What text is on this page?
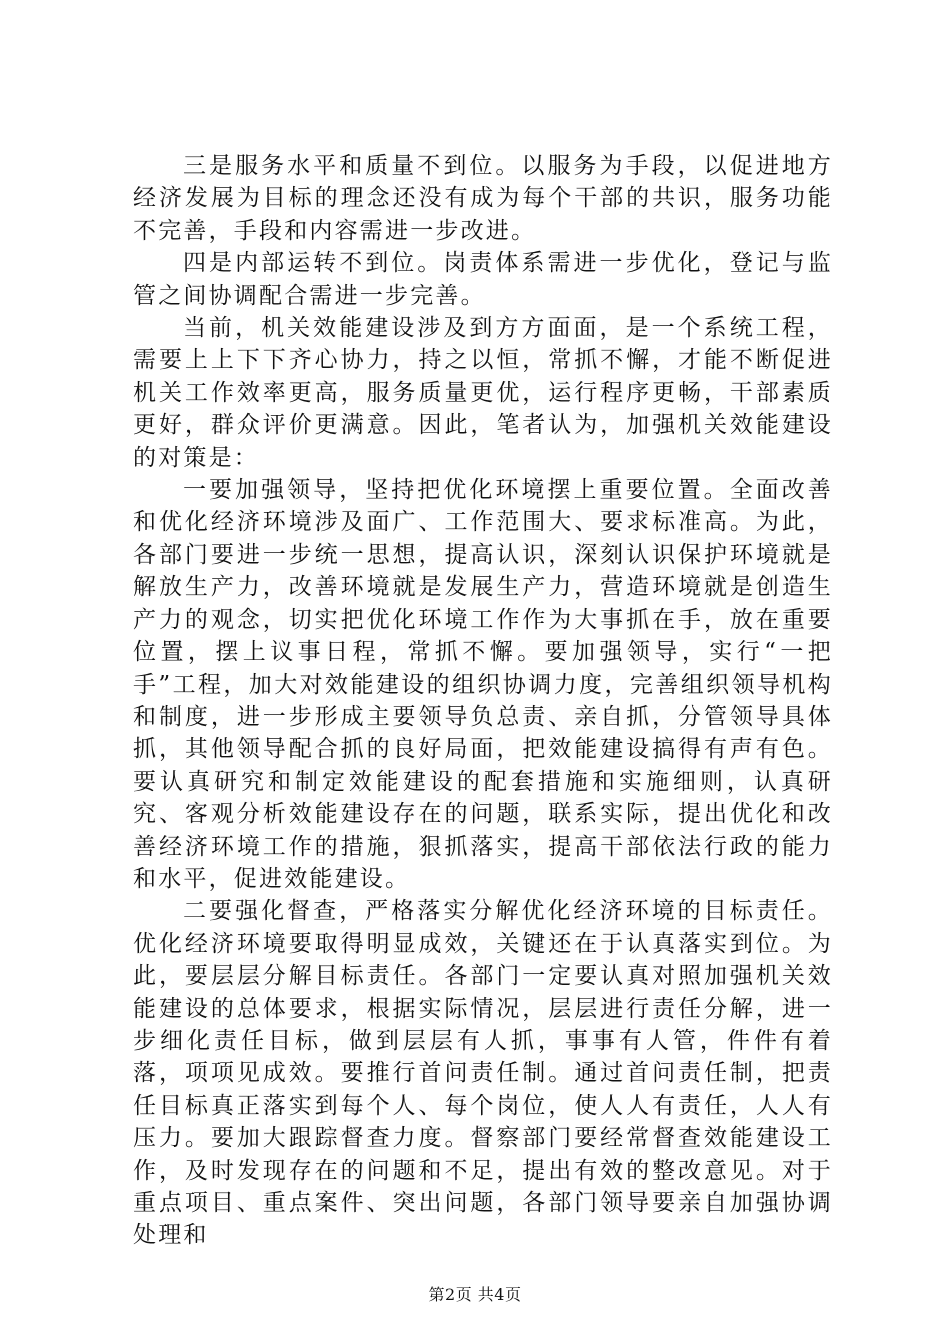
三是服务水平和质量不到位。以服务为手段，以促进地方经济发展为目标的理念还没有成为每个干部的共识，服务功能不完善，手段和内容需进一步改进。

四是内部运转不到位。岗责体系需进一步优化，登记与监管之间协调配合需进一步完善。

当前，机关效能建设涉及到方方面面，是一个系统工程，需要上上下下齐心协力，持之以恒，常抓不懈，才能不断促进机关工作效率更高，服务质量更优，运行程序更畅，干部素质更好，群众评价更满意。因此，笔者认为，加强机关效能建设的对策是：

一要加强领导，坚持把优化环境摆上重要位置。全面改善和优化经济环境涉及面广、工作范围大、要求标准高。为此，各部门要进一步统一思想，提高认识，深刻认识保护环境就是解放生产力，改善环境就是发展生产力，营造环境就是创造生产力的观念，切实把优化环境工作作为大事抓在手，放在重要位置，摆上议事日程，常抓不懈。要加强领导，实行“一把手”工程，加大对效能建设的组织协调力度，完善组织领导机构和制度，进一步形成主要领导负总责、亲自抓，分管领导具体抓，其他领导配合抓的良好局面，把效能建设搞得有声有色。要认真研究和制定效能建设的配套措施和实施细则，认真研究、客观分析效能建设存在的问题，联系实际，提出优化和改善经济环境工作的措施，狠抓落实，提高干部依法行政的能力和水平，促进效能建设。

二要强化督查，严格落实分解优化经济环境的目标责任。优化经济环境要取得明显成效，关键还在于认真落实到位。为此，要层层分解目标责任。各部门一定要认真对照加强机关效能建设的总体要求，根据实际情况，层层进行责任分解，进一步细化责任目标，做到层层有人抓，事事有人管，件件有着落，项项见成效。要推行首问责任制。通过首问责任制，把责任目标真正落实到每个人、每个岗位，使人人有责任，人人有压力。要加大跟踪督查力度。督察部门要经常督查效能建设工作，及时发现存在的问题和不足，提出有效的整改意见。对于重点项目、重点案件、突出问题，各部门领导要亲自加强协调处理和

第2页 共4页
